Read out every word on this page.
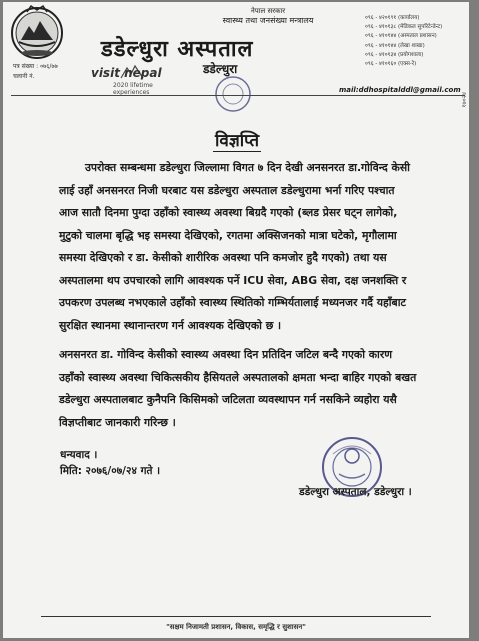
पत्र संख्या : ०७६/७७
चलानी नं.
नेपाल सरकार
स्वास्थ्य तथा जनसंख्या मन्त्रालय
डडेल्धुरा अस्पताल
डडेल्धुरा
visit nepal
2020 lifetime experiences
०९६ - ४२०१९१ (कार्यालय)
०९६ - ४१०१३८ (मेडिकल सुपरिटेन्डेन्ट)
०९६ - ४१०१४४ (अस्पताल प्रशासन)
०९६ - ४१०१४४ (लेखा शाखा)
०९६ - ४१०१३४ (प्रयोगशाला)
०९६ - ४१०१६० (एक्स-रे)
mail:ddhospitalddl@gmail.com
१७०२४
विज्ञप्ति
उपरोक्त सम्बन्धमा डडेल्धुरा जिल्लामा विगत ७ दिन देखी अनसनरत डा.गोविन्द केसी
लाई उहाँ अनसनरत निजी घरबाट यस डडेल्धुरा अस्पताल डडेल्धुरामा भर्ना गरिए पश्चात
आज सातौ दिनमा पुग्दा उहाँको स्वास्थ्य अवस्था बिग्रदै गएको (ब्लड प्रेसर घट्न लागेको,
मुटुको चालमा बृद्धि भइ समस्या देखिएको, रगतमा अक्सिजनको मात्रा घटेको, मृगौलामा
समस्या देखिएको र डा. केसीको शारीरिक अवस्था पनि कमजोर हुदै गएको) तथा यस
अस्पतालमा थप उपचारको लागि आवश्यक पर्ने ICU सेवा, ABG सेवा, दक्ष जनशक्ति र
उपकरण उपलब्ध नभएकाले उहाँको स्वास्थ्य स्थितिको गम्भिर्यतालाई मध्यनजर गर्दै यहाँबाट
सुरक्षित स्थानमा स्थानान्तरण गर्न आवश्यक देखिएको छ ।
अनसनरत डा. गोविन्द केसीको स्वास्थ्य अवस्था दिन प्रतिदिन जटिल बन्दै गएको कारण
उहाँको स्वास्थ्य अवस्था चिकित्सकीय हैसियतले अस्पतालको क्षमता भन्दा बाहिर गएको बखत
डडेल्धुरा अस्पतालबाट कुनैपनि किसिमको जटिलता व्यवस्थापन गर्न नसकिने व्यहोरा यसै
विज्ञप्तीबाट जानकारी गरिन्छ ।
धन्यवाद ।
मिति: २०७६/०७/२४ गते ।
डडेल्धुरा अस्पताल, डडेल्धुरा ।
"सक्षम निजामती प्रशासन, विकास, समृद्धि र सुशासन"
